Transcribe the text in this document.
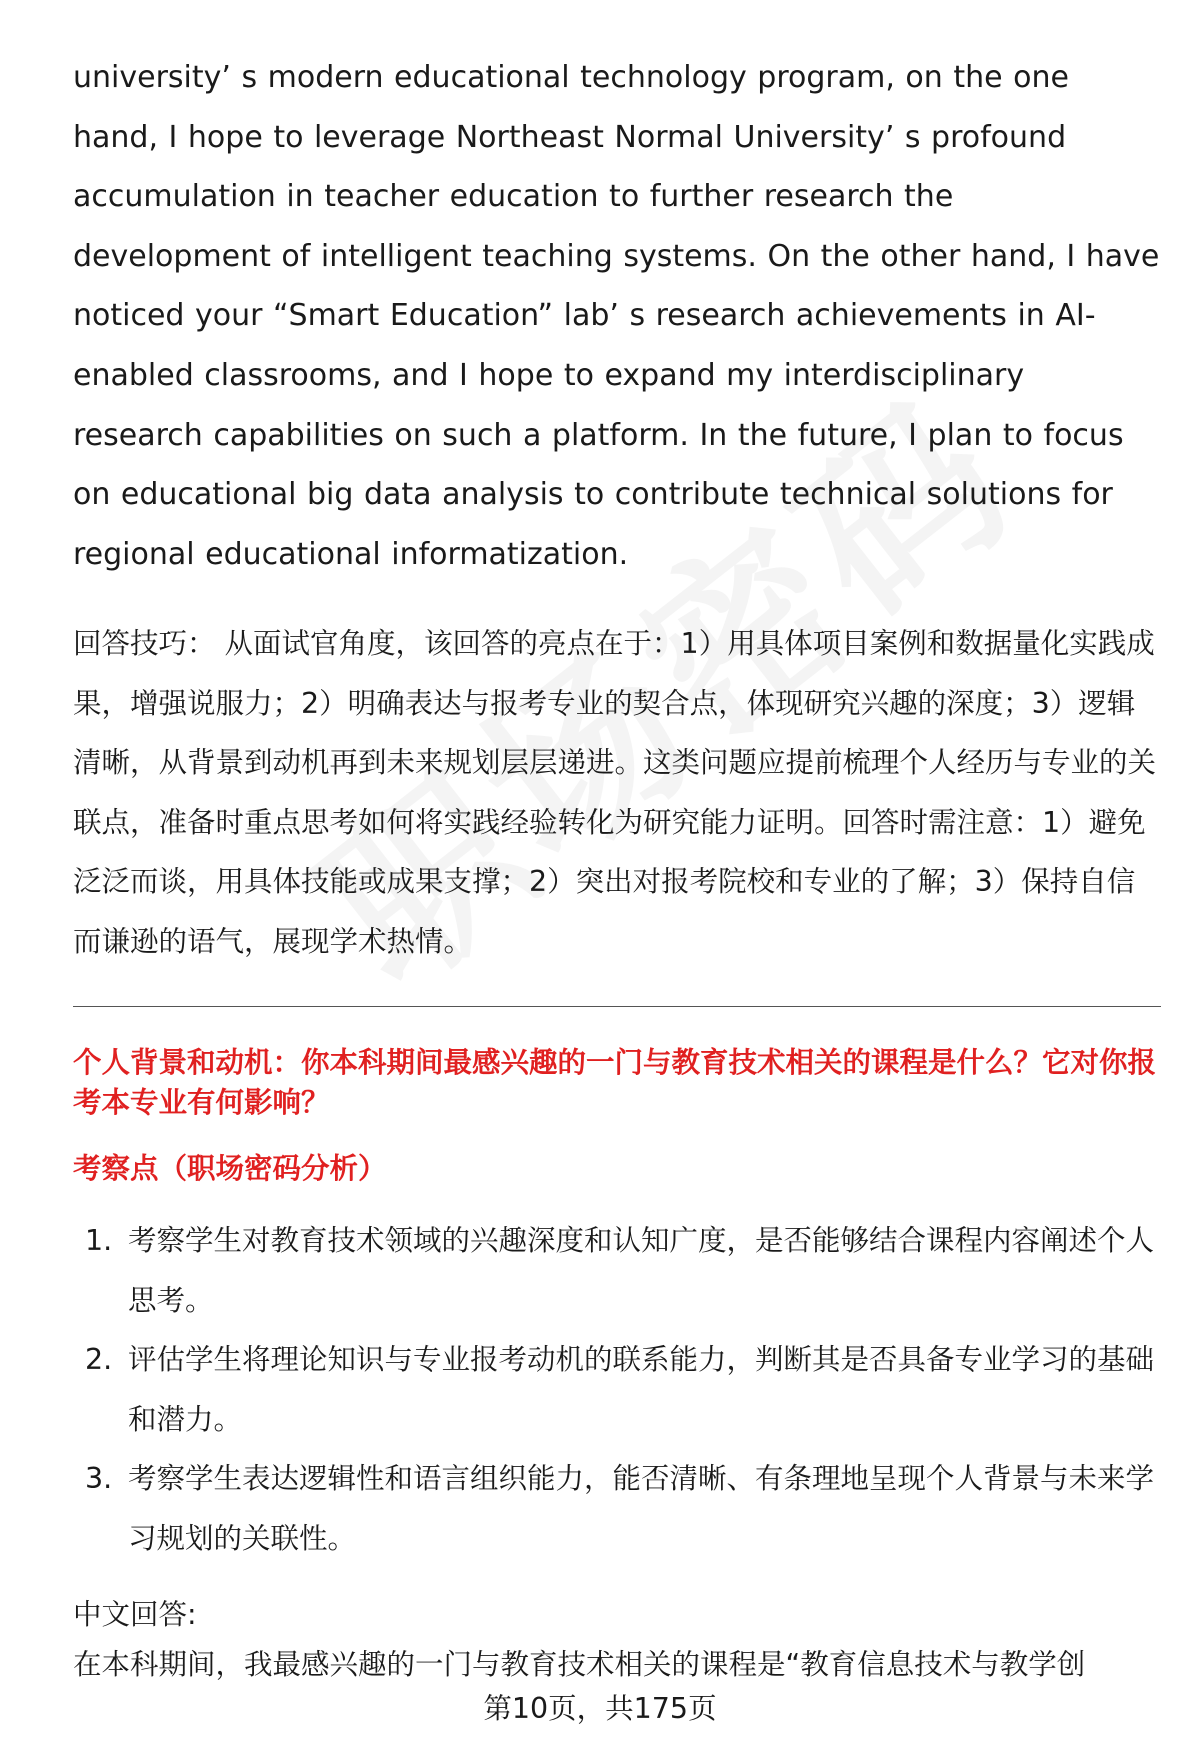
university’ s modern educational technology program, on the one hand, I hope to leverage Northeast Normal University’ s profound accumulation in teacher education to further research the development of intelligent teaching systems. On the other hand, I have noticed your “Smart Education” lab’ s research achievements in AI-enabled classrooms, and I hope to expand my interdisciplinary research capabilities on such a platform. In the future, I plan to focus on educational big data analysis to contribute technical solutions for regional educational informatization.

回答技巧： 从面试官角度，该回答的亮点在于：1）用具体项目案例和数据量化实践成果，增强说服力；2）明确表达与报考专业的契合点，体现研究兴趣的深度；3）逻辑清晰，从背景到动机再到未来规划层层递进。这类问题应提前梳理个人经历与专业的关联点，准备时重点思考如何将实践经验转化为研究能力证明。回答时需注意：1）避免泛泛而谈，用具体技能或成果支撑；2）突出对报考院校和专业的了解；3）保持自信而谦逊的语气，展现学术热情。

个人背景和动机：你本科期间最感兴趣的一门与教育技术相关的课程是什么？它对你报考本专业有何影响？
考察点（职场密码分析）
1. 考察学生对教育技术领域的兴趣深度和认知广度，是否能够结合课程内容阐述个人思考。
2. 评估学生将理论知识与专业报考动机的联系能力，判断其是否具备专业学习的基础和潜力。
3. 考察学生表达逻辑性和语言组织能力，能否清晰、有条理地呈现个人背景与未来学习规划的关联性。
中文回答:
在本科期间，我最感兴趣的一门与教育技术相关的课程是“教育信息技术与教学创
第10页，共175页
